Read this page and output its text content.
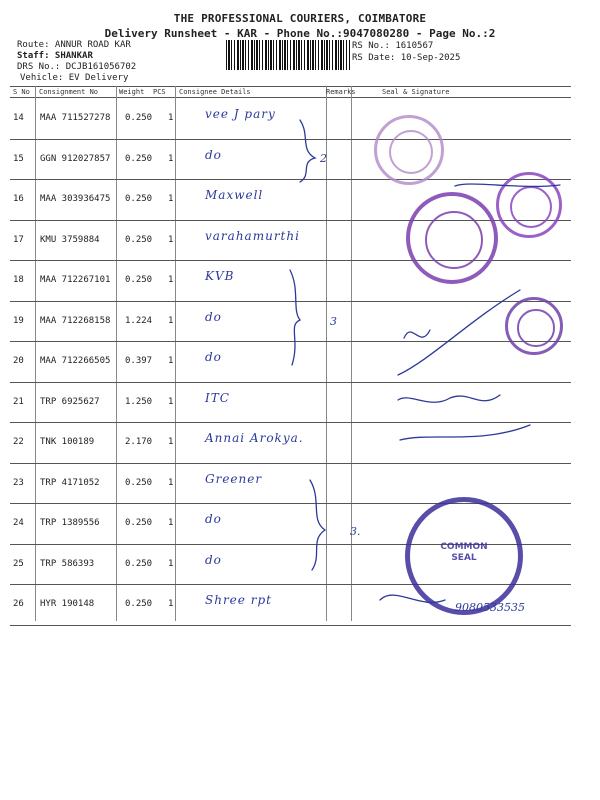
THE PROFESSIONAL COURIERS, COIMBATORE
Delivery Runsheet - KAR - Phone No.:9047080280 - Page No.:2
Route: ANNUR ROAD KAR
Staff: SHANKAR
DRS No.: DCJB161056702
Vehicle: EV Delivery
RS No.: 1610567
RS Date: 10-Sep-2025
S No Consignment No	Weight PCS Consignee Details	Remarks	Seal & Signature
14 MAA 711527278 0.250 1	vee J pary
15 GGN 912027857 0.250 1	do
16 MAA 303936475 0.250 1	Maxwell
17 KMU 3759884	0.250 1	varahamurthi
18 MAA 712267101 0.250 1	KVB
19 MAA 712268158 1.224 1	do
20 MAA 712266505 0.397 1	do
21 TRP 6925627	1.250 1	ITC
22 TNK 100189	2.170 1	Annai Arokya.
23 TRP 4171052	0.250 1	Greener
24 TRP 1389556	0.250 1	do
25 TRP 586393	0.250 1	do
26 HYR 190148	0.250 1	Shree rpt
COMMON
SEAL
2
3
3.
9080533535
